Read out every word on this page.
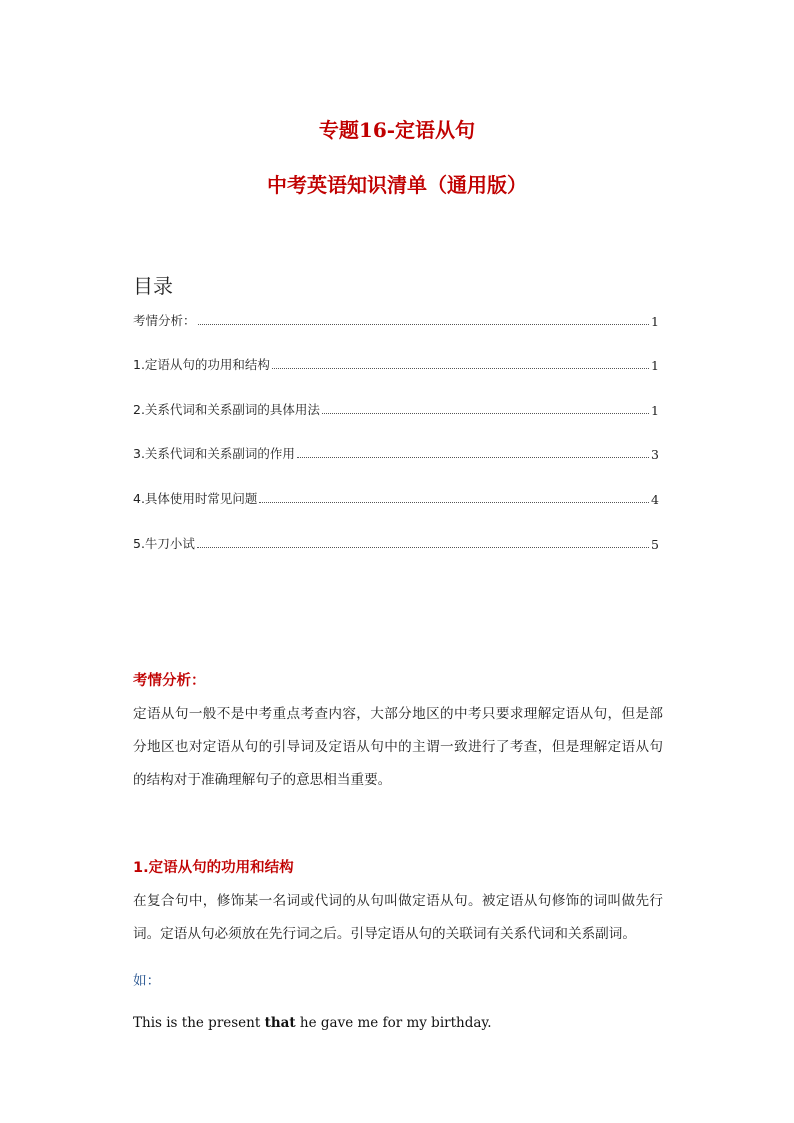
专题16-定语从句
中考英语知识清单（通用版）
目录
考情分析：	1
1.定语从句的功用和结构	1
2.关系代词和关系副词的具体用法	1
3.关系代词和关系副词的作用	3
4.具体使用时常见问题	4
5.牛刀小试	5
考情分析：
定语从句一般不是中考重点考查内容，大部分地区的中考只要求理解定语从句，但是部分地区也对定语从句的引导词及定语从句中的主谓一致进行了考查，但是理解定语从句的结构对于准确理解句子的意思相当重要。
1.定语从句的功用和结构
在复合句中，修饰某一名词或代词的从句叫做定语从句。被定语从句修饰的词叫做先行词。定语从句必须放在先行词之后。引导定语从句的关联词有关系代词和关系副词。
如：
This is the present that he gave me for my birthday.
